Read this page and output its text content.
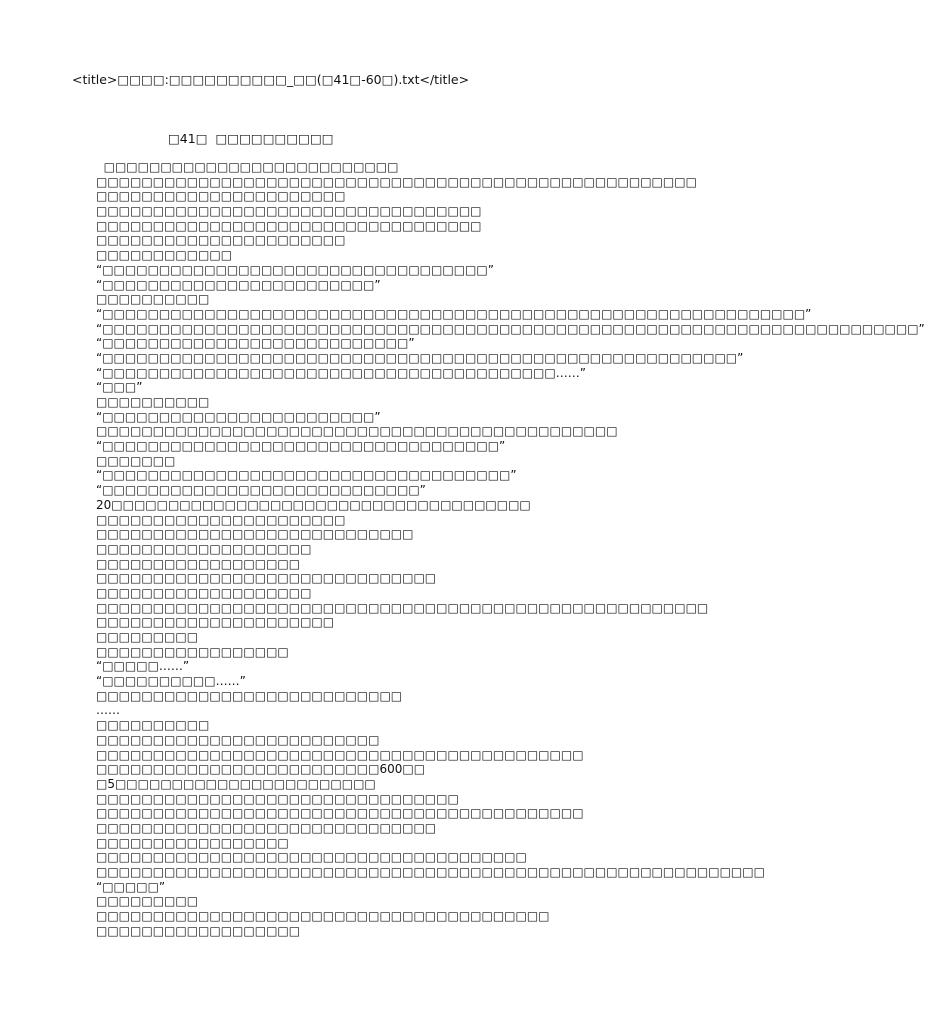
<title>□□□□:□□□□□□□□□□_□□(□41□-60□).txt</title>
□41□  □□□□□□□□□□
□□□□□□□□□□□□□□□□□□□□□□□□□□
□□□□□□□□□□□□□□□□□□□□□□□□□□□□□□□□□□□□□□□□□□□□□□□□□□□□□
□□□□□□□□□□□□□□□□□□□□□□
□□□□□□□□□□□□□□□□□□□□□□□□□□□□□□□□□□
□□□□□□□□□□□□□□□□□□□□□□□□□□□□□□□□□□
□□□□□□□□□□□□□□□□□□□□□□
□□□□□□□□□□□□
“□□□□□□□□□□□□□□□□□□□□□□□□□□□□□□□□□□”
“□□□□□□□□□□□□□□□□□□□□□□□□”
□□□□□□□□□□
“□□□□□□□□□□□□□□□□□□□□□□□□□□□□□□□□□□□□□□□□□□□□□□□□□□□□□□□□□□□□□□”
“□□□□□□□□□□□□□□□□□□□□□□□□□□□□□□□□□□□□□□□□□□□□□□□□□□□□□□□□□□□□□□□□□□□□□□□□”
“□□□□□□□□□□□□□□□□□□□□□□□□□□□”
“□□□□□□□□□□□□□□□□□□□□□□□□□□□□□□□□□□□□□□□□□□□□□□□□□□□□□□□□”
“□□□□□□□□□□□□□□□□□□□□□□□□□□□□□□□□□□□□□□□□……”
“□□□”
□□□□□□□□□□
“□□□□□□□□□□□□□□□□□□□□□□□□”
□□□□□□□□□□□□□□□□□□□□□□□□□□□□□□□□□□□□□□□□□□□□□□
“□□□□□□□□□□□□□□□□□□□□□□□□□□□□□□□□□□□”
□□□□□□□
“□□□□□□□□□□□□□□□□□□□□□□□□□□□□□□□□□□□□”
“□□□□□□□□□□□□□□□□□□□□□□□□□□□□”
20□□□□□□□□□□□□□□□□□□□□□□□□□□□□□□□□□□□□□
□□□□□□□□□□□□□□□□□□□□□□
□□□□□□□□□□□□□□□□□□□□□□□□□□□□
□□□□□□□□□□□□□□□□□□□
□□□□□□□□□□□□□□□□□□
□□□□□□□□□□□□□□□□□□□□□□□□□□□□□□
□□□□□□□□□□□□□□□□□□□
□□□□□□□□□□□□□□□□□□□□□□□□□□□□□□□□□□□□□□□□□□□□□□□□□□□□□□
□□□□□□□□□□□□□□□□□□□□□
□□□□□□□□□
□□□□□□□□□□□□□□□□□
“□□□□□……”
“□□□□□□□□□□……”
□□□□□□□□□□□□□□□□□□□□□□□□□□□
……
□□□□□□□□□□
□□□□□□□□□□□□□□□□□□□□□□□□□
□□□□□□□□□□□□□□□□□□□□□□□□□□□□□□□□□□□□□□□□□□□
□□□□□□□□□□□□□□□□□□□□□□□□□600□□
□5□□□□□□□□□□□□□□□□□□□□□□□
□□□□□□□□□□□□□□□□□□□□□□□□□□□□□□□□
□□□□□□□□□□□□□□□□□□□□□□□□□□□□□□□□□□□□□□□□□□□
□□□□□□□□□□□□□□□□□□□□□□□□□□□□□□
□□□□□□□□□□□□□□□□□
□□□□□□□□□□□□□□□□□□□□□□□□□□□□□□□□□□□□□□
□□□□□□□□□□□□□□□□□□□□□□□□□□□□□□□□□□□□□□□□□□□□□□□□□□□□□□□□□□□
“□□□□□”
□□□□□□□□□
□□□□□□□□□□□□□□□□□□□□□□□□□□□□□□□□□□□□□□□□
□□□□□□□□□□□□□□□□□□
